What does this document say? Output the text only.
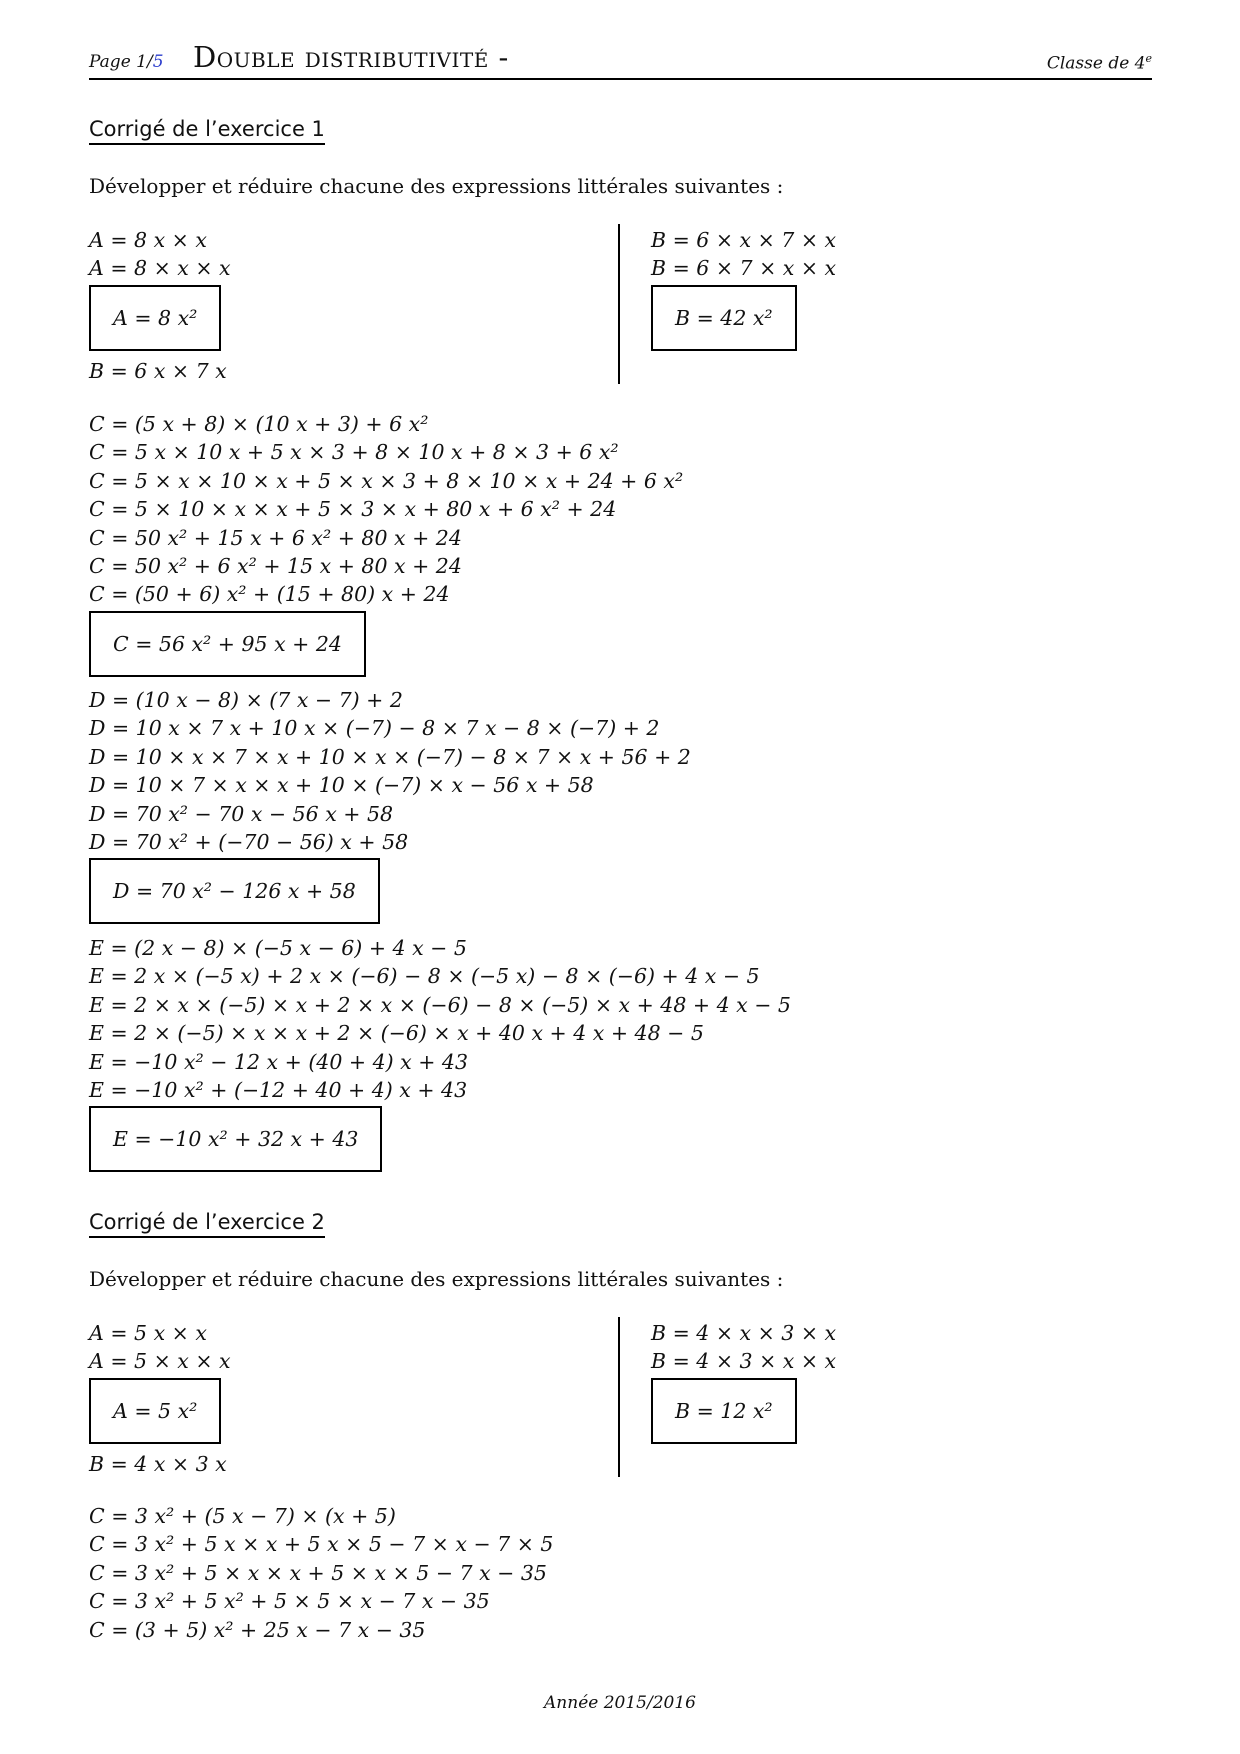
Page 1/5 Double distributivité -	Classe de 4e
Corrigé de l’exercice 1
Développer et réduire chacune des expressions littérales suivantes :
A = 8 x × x
A = 8 × x × x
A = 8 x²
B = 6 x × 7 x
B = 6 × x × 7 × x
B = 6 × 7 × x × x
B = 42 x²
C = (5 x + 8) × (10 x + 3) + 6 x²
C = 5 x × 10 x + 5 x × 3 + 8 × 10 x + 8 × 3 + 6 x²
C = 5 × x × 10 × x + 5 × x × 3 + 8 × 10 × x + 24 + 6 x²
C = 5 × 10 × x × x + 5 × 3 × x + 80 x + 6 x² + 24
C = 50 x² + 15 x + 6 x² + 80 x + 24
C = 50 x² + 6 x² + 15 x + 80 x + 24
C = (50 + 6) x² + (15 + 80) x + 24
C = 56 x² + 95 x + 24
D = (10 x − 8) × (7 x − 7) + 2
D = 10 x × 7 x + 10 x × (−7) − 8 × 7 x − 8 × (−7) + 2
D = 10 × x × 7 × x + 10 × x × (−7) − 8 × 7 × x + 56 + 2
D = 10 × 7 × x × x + 10 × (−7) × x − 56 x + 58
D = 70 x² − 70 x − 56 x + 58
D = 70 x² + (−70 − 56) x + 58
D = 70 x² − 126 x + 58
E = (2 x − 8) × (−5 x − 6) + 4 x − 5
E = 2 x × (−5 x) + 2 x × (−6) − 8 × (−5 x) − 8 × (−6) + 4 x − 5
E = 2 × x × (−5) × x + 2 × x × (−6) − 8 × (−5) × x + 48 + 4 x − 5
E = 2 × (−5) × x × x + 2 × (−6) × x + 40 x + 4 x + 48 − 5
E = −10 x² − 12 x + (40 + 4) x + 43
E = −10 x² + (−12 + 40 + 4) x + 43
E = −10 x² + 32 x + 43
Corrigé de l’exercice 2
Développer et réduire chacune des expressions littérales suivantes :
A = 5 x × x
A = 5 × x × x
A = 5 x²
B = 4 x × 3 x
B = 4 × x × 3 × x
B = 4 × 3 × x × x
B = 12 x²
C = 3 x² + (5 x − 7) × (x + 5)
C = 3 x² + 5 x × x + 5 x × 5 − 7 × x − 7 × 5
C = 3 x² + 5 × x × x + 5 × x × 5 − 7 x − 35
C = 3 x² + 5 x² + 5 × 5 × x − 7 x − 35
C = (3 + 5) x² + 25 x − 7 x − 35
Année 2015/2016
